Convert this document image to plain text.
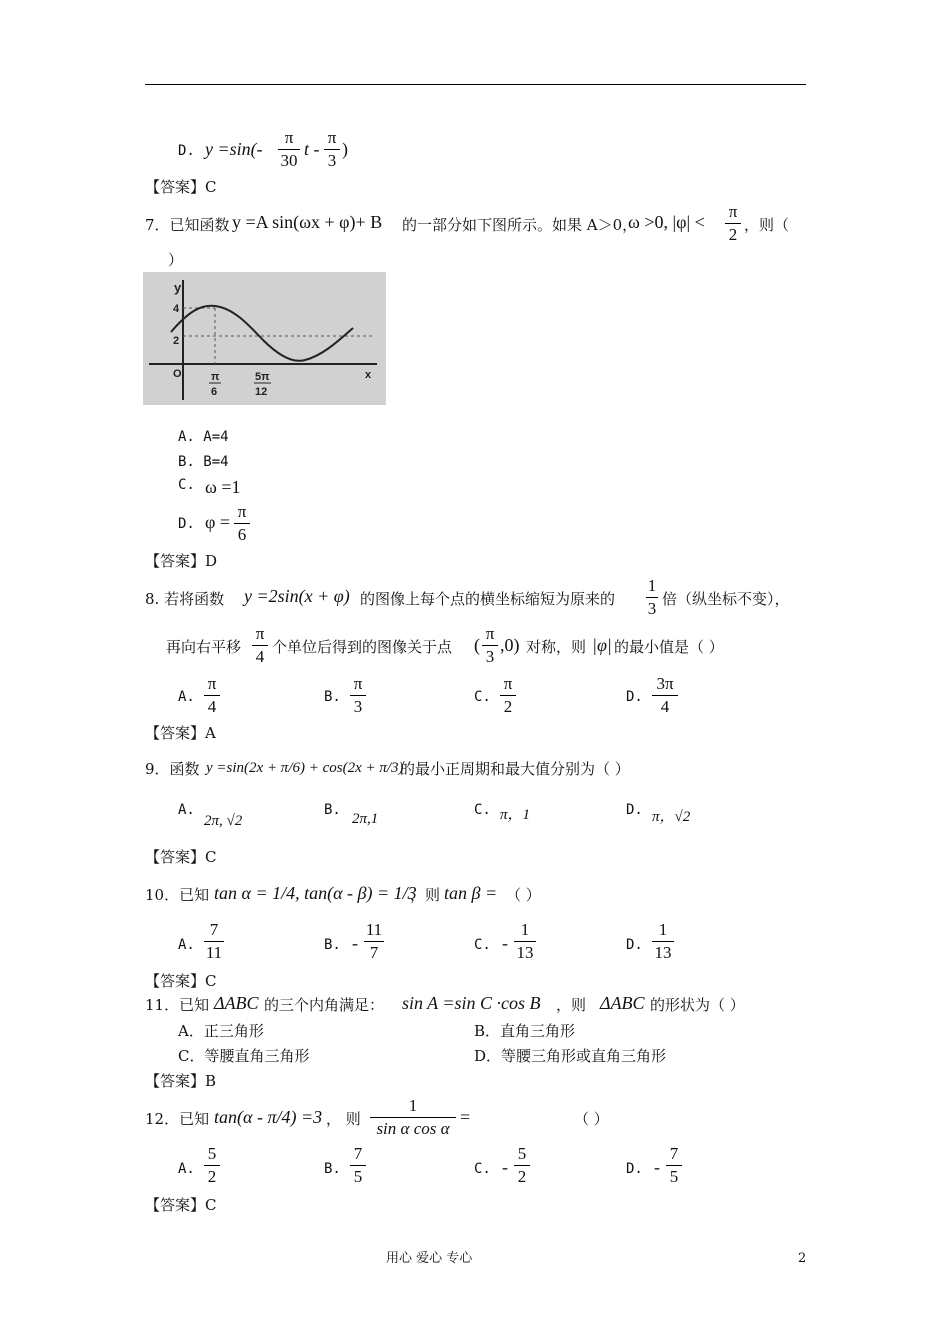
D. y =sin(-
π
30
t -
π
3
)
【答案】C
7．已知函数 y =A sin(ωx + φ)+ B 的一部分如下图所示。如果 A＞0，
ω >0, |φ| <
π
2 ，则（
）
y
x
O
4
2
π
6
5π
12
A. A=4
B. B=4
C. ω =1
D. φ =
π
6
【答案】D
8. 若将函数 y =2sin(x + φ) 的图像上每个点的横坐标缩短为原来的
1
3 倍（纵坐标不变），
再向右平移
π
4 个单位后得到的图像关于点 (
π
3
,0) 对称，则 |φ| 的最小值是（ ）
A.
π
4	B.
π
3	C.
π
2	D.
3π
4
【答案】A
9．函数 y =sin(2x + π/6) + cos(2x + π/3)
的最小正周期和最大值分别为（ ）
A.
2π, √2
B.
2π,1
C. π，1	D. π，√2
【答案】C
10．已知 tan α = 1/4, tan(α - β) = 1/3
，则 tan β = （ ）
A.
7
11	B. -
11
7	C. -
1
13	D.
1
13
【答案】C
11．已知 ΔABC 的三个内角满足： sin A =sin C ·cos B ，则 ΔABC 的形状为（ ）
A．正三角形	B．直角三角形
C．等腰直角三角形	D．等腰三角形或直角三角形
【答案】B
12．已知 tan(α - π/4) =3 ， 则
1
sin α cos α
=	（ ）
A.
5
2	B.
7
5	C. -
5
2	D. -
7
5
【答案】C
用心 爱心 专心	2
